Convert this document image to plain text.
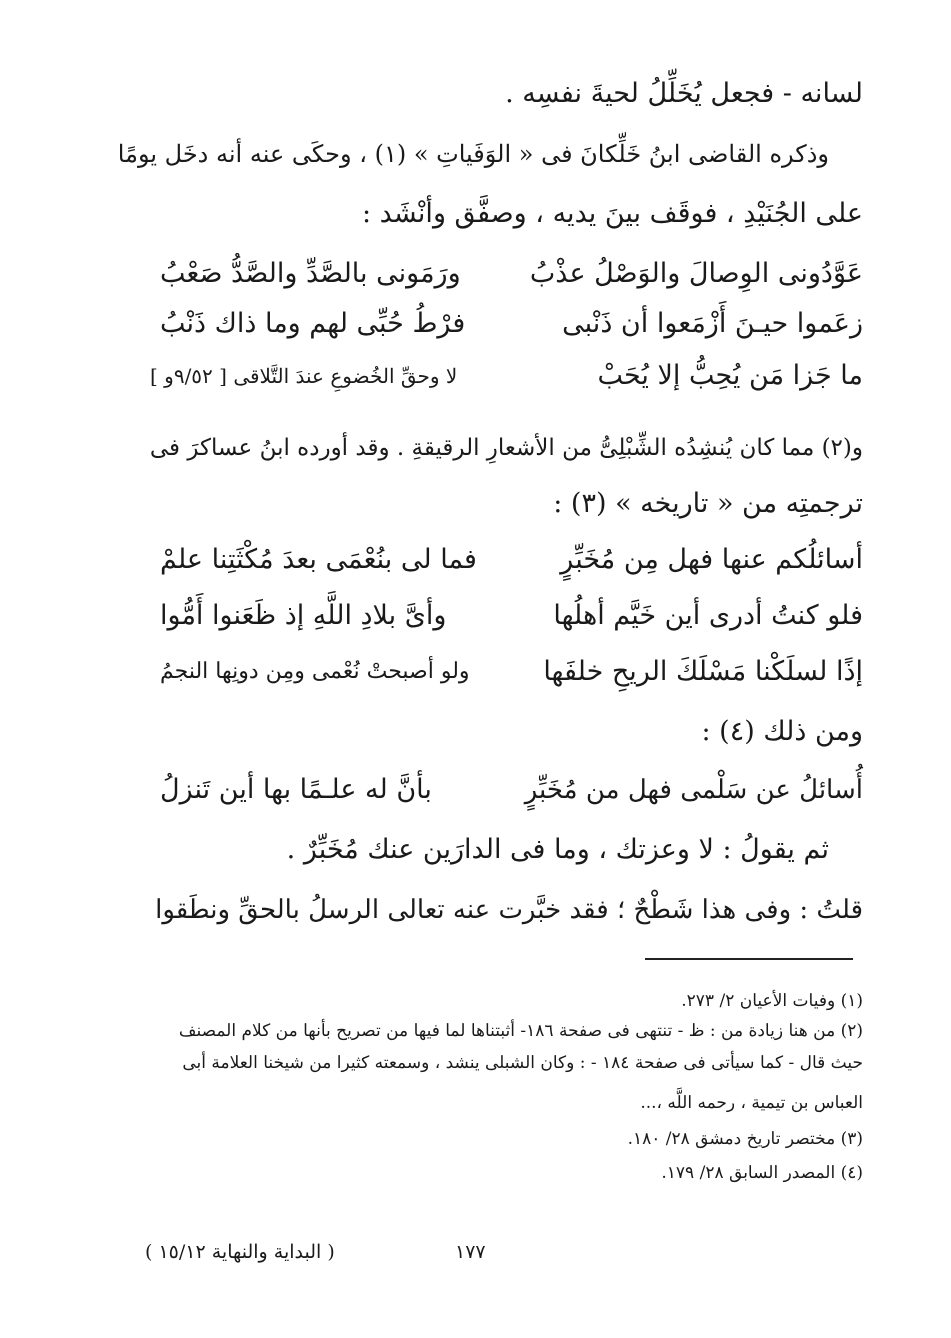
لسانه - فجعل يُخَلِّلُ لحيةَ نفسِه .
وذكره القاضى ابنُ خَلِّكانَ فى « الوَفَياتِ » (١) ، وحكَى عنه أنه دخَل يومًا
على الجُنَيْدِ ، فوقَف بينَ يديه ، وصفَّق وأنْشَد :
عَوَّدُونى الوِصالَ والوَصْلُ عذْبُ
ورَمَونى بالصَّدِّ والصَّدُّ صَعْبُ
زعَموا حيـنَ أَزْمَعوا أن ذَنْبى
فرْطُ حُبِّى لهم وما ذاك ذَنْبُ
ما جَزا مَن يُحِبُّ إلا يُحَبْ
لا وحقِّ الخُضوعِ عندَ التَّلاقى [ ٩/٥٢و ]
و(٢) مما كان يُنشِدُه الشِّبْلِىُّ من الأشعارِ الرقيقةِ . وقد أورده ابنُ عساكرَ فى
ترجمتِه من « تاريخه » (٣) :
أسائلُكم عنها فهل مِن مُخَبِّرٍ
فما لى بنُعْمَى بعدَ مُكْثَتِنا علمْ
فلو كنتُ أدرى أين خَيَّم أهلُها
وأىَّ بلادِ اللَّهِ إذ ظَعَنوا أَمُّوا
إذًا لسلَكْنا مَسْلَكَ الريحِ خلفَها
ولو أصبحتْ نُعْمى ومِن دونِها النجمُ
ومن ذلك (٤) :
أُسائلُ عن سَلْمى فهل من مُخَبِّرٍ
بأنَّ له علـمًا بها أين تَنزلُ
ثم يقولُ : لا وعزتك ، وما فى الدارَين عنك مُخَبِّرٌ .
قلتُ : وفى هذا شَطْحٌ ؛ فقد خبَّرت عنه تعالى الرسلُ بالحقِّ ونطَقوا
(١) وفيات الأعيان ٢/ ٢٧٣.
(٢) من هنا زيادة من : ظ - تنتهى فى صفحة ١٨٦- أثبتناها لما فيها من تصريح بأنها من كلام المصنف
حيث قال - كما سيأتى فى صفحة ١٨٤ - : وكان الشبلى ينشد ، وسمعته كثيرا من شيخنا العلامة أبى
العباس بن تيمية ، رحمه اللَّه ،...
(٣) مختصر تاريخ دمشق ٢٨/ ١٨٠.
(٤) المصدر السابق ٢٨/ ١٧٩.
١٧٧
( البداية والنهاية ١٥/١٢ )
